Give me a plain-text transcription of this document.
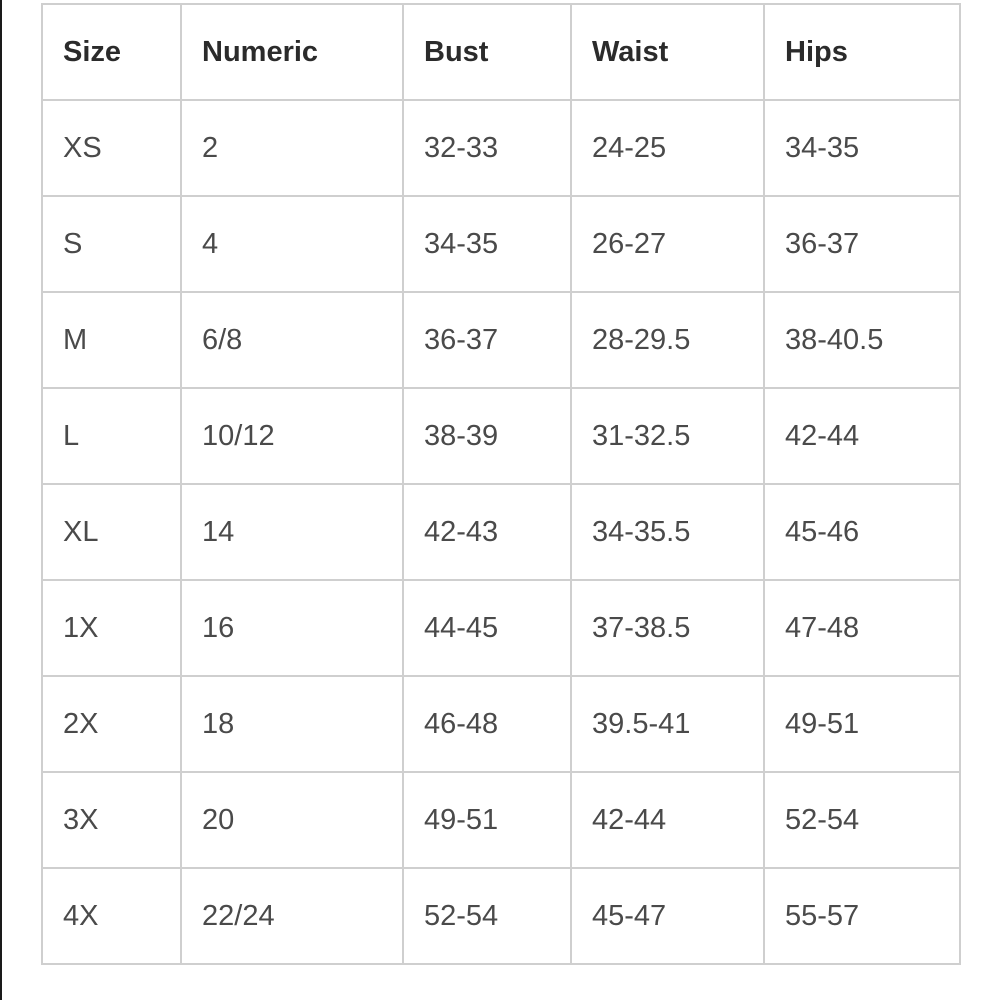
Size	Numeric	Bust	Waist	Hips
XS	2	32-33	24-25	34-35
S	4	34-35	26-27	36-37
M	6/8	36-37	28-29.5	38-40.5
L	10/12	38-39	31-32.5	42-44
XL	14	42-43	34-35.5	45-46
1X	16	44-45	37-38.5	47-48
2X	18	46-48	39.5-41	49-51
3X	20	49-51	42-44	52-54
4X	22/24	52-54	45-47	55-57
